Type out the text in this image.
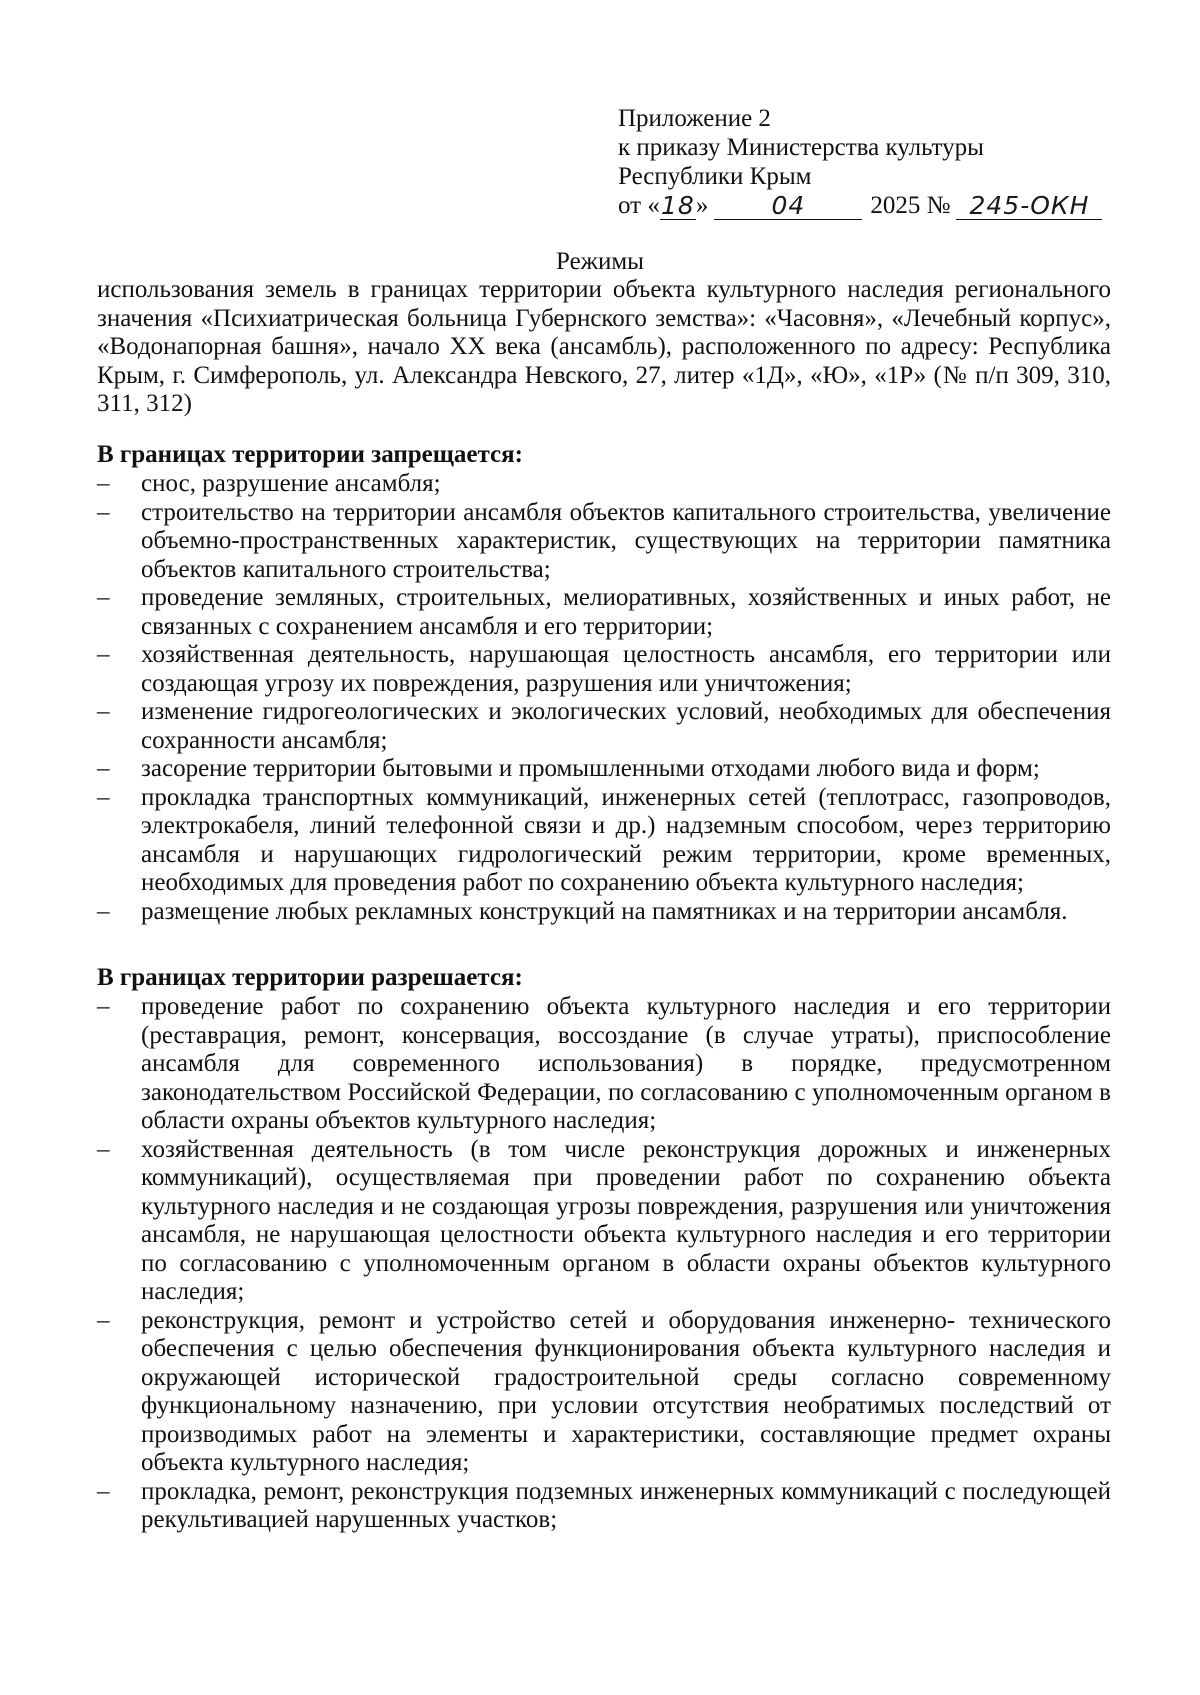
Приложение 2
к приказу Министерства культуры
Республики Крым
от « 18 »	04	2025 № 245-ОКН
Режимы
использования земель в границах территории объекта культурного наследия регионального значения «Психиатрическая больница Губернского земства»: «Часовня», «Лечебный корпус», «Водонапорная башня», начало XX века (ансамбль), расположенного по адресу: Республика Крым, г. Симферополь, ул. Александра Невского, 27, литер «1Д», «Ю», «1Р» (№ п/п 309, 310, 311, 312)
В границах территории запрещается:
– снос, разрушение ансамбля;
– строительство на территории ансамбля объектов капитального строительства, увеличение объемно-пространственных характеристик, существующих на территории памятника объектов капитального строительства;
– проведение земляных, строительных, мелиоративных, хозяйственных и иных работ, не связанных с сохранением ансамбля и его территории;
– хозяйственная деятельность, нарушающая целостность ансамбля, его территории или создающая угрозу их повреждения, разрушения или уничтожения;
– изменение гидрогеологических и экологических условий, необходимых для обеспечения сохранности ансамбля;
– засорение территории бытовыми и промышленными отходами любого вида и форм;
– прокладка транспортных коммуникаций, инженерных сетей (теплотрасс, газопроводов, электрокабеля, линий телефонной связи и др.) надземным способом, через территорию ансамбля и нарушающих гидрологический режим территории, кроме временных, необходимых для проведения работ по сохранению объекта культурного наследия;
– размещение любых рекламных конструкций на памятниках и на территории ансамбля.
В границах территории разрешается:
– проведение работ по сохранению объекта культурного наследия и его территории (реставрация, ремонт, консервация, воссоздание (в случае утраты), приспособление ансамбля для современного использования) в порядке, предусмотренном законодательством Российской Федерации, по согласованию с уполномоченным органом в области охраны объектов культурного наследия;
– хозяйственная деятельность (в том числе реконструкция дорожных и инженерных коммуникаций), осуществляемая при проведении работ по сохранению объекта культурного наследия и не создающая угрозы повреждения, разрушения или уничтожения ансамбля, не нарушающая целостности объекта культурного наследия и его территории по согласованию с уполномоченным органом в области охраны объектов культурного наследия;
– реконструкция, ремонт и устройство сетей и оборудования инженерно- технического обеспечения с целью обеспечения функционирования объекта культурного наследия и окружающей исторической градостроительной среды согласно современному функциональному назначению, при условии отсутствия необратимых последствий от производимых работ на элементы и характеристики, составляющие предмет охраны объекта культурного наследия;
– прокладка, ремонт, реконструкция подземных инженерных коммуникаций с последующей рекультивацией нарушенных участков;
